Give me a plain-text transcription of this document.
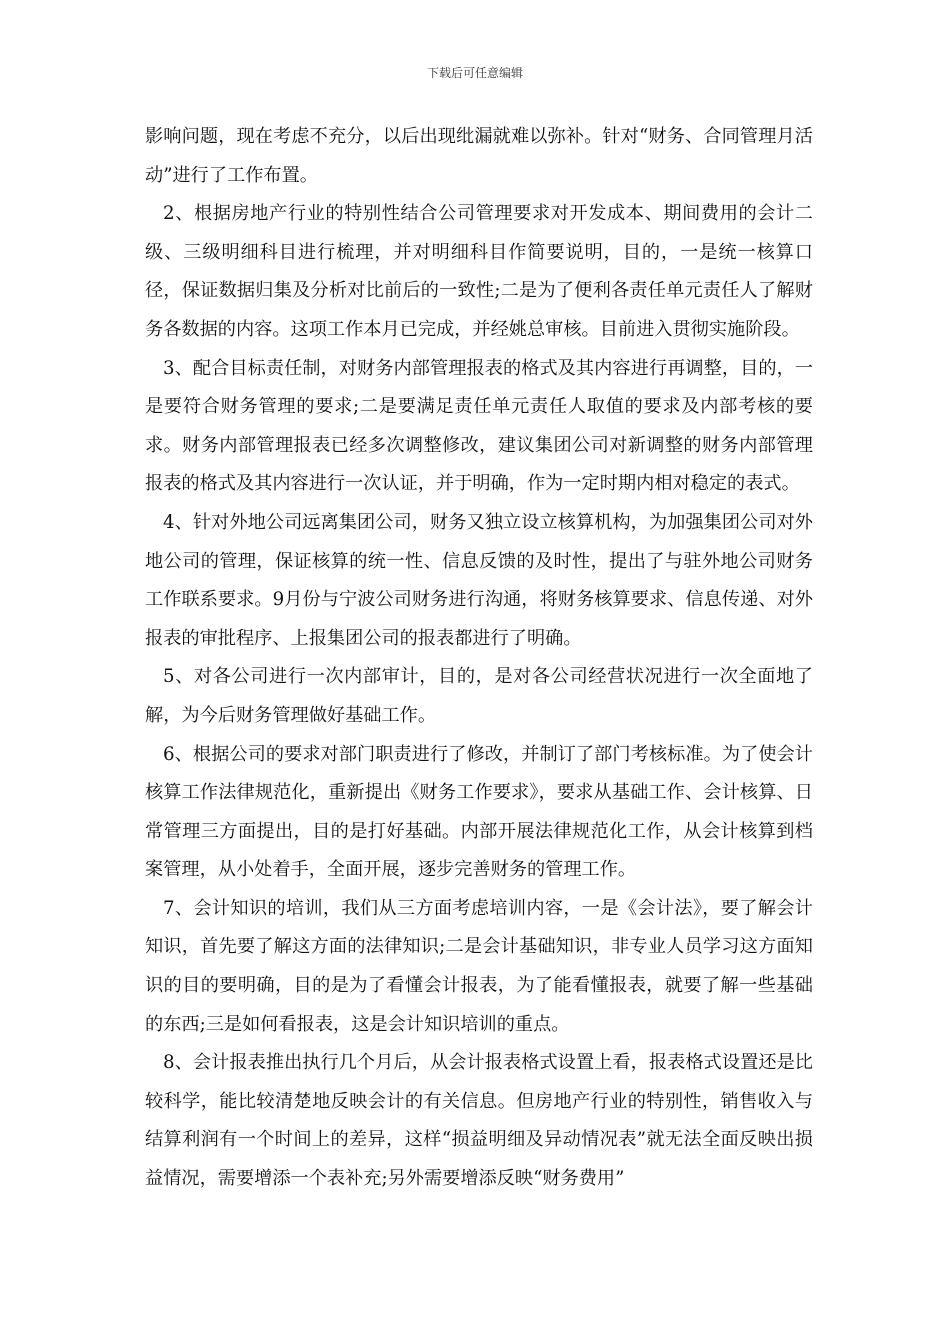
下载后可任意编辑

影响问题，现在考虑不充分，以后出现纰漏就难以弥补。针对“财务、合同管理月活动”进行了工作布置。

2、根据房地产行业的特别性结合公司管理要求对开发成本、期间费用的会计二级、三级明细科目进行梳理，并对明细科目作简要说明，目的，一是统一核算口径，保证数据归集及分析对比前后的一致性;二是为了便利各责任单元责任人了解财务各数据的内容。这项工作本月已完成，并经姚总审核。目前进入贯彻实施阶段。

3、配合目标责任制，对财务内部管理报表的格式及其内容进行再调整，目的，一是要符合财务管理的要求;二是要满足责任单元责任人取值的要求及内部考核的要求。财务内部管理报表已经多次调整修改，建议集团公司对新调整的财务内部管理报表的格式及其内容进行一次认证，并于明确，作为一定时期内相对稳定的表式。

4、针对外地公司远离集团公司，财务又独立设立核算机构，为加强集团公司对外地公司的管理，保证核算的统一性、信息反馈的及时性，提出了与驻外地公司财务工作联系要求。9月份与宁波公司财务进行沟通，将财务核算要求、信息传递、对外报表的审批程序、上报集团公司的报表都进行了明确。

5、对各公司进行一次内部审计，目的，是对各公司经营状况进行一次全面地了解，为今后财务管理做好基础工作。

6、根据公司的要求对部门职责进行了修改，并制订了部门考核标准。为了使会计核算工作法律规范化，重新提出《财务工作要求》，要求从基础工作、会计核算、日常管理三方面提出，目的是打好基础。内部开展法律规范化工作，从会计核算到档案管理，从小处着手，全面开展，逐步完善财务的管理工作。

7、会计知识的培训，我们从三方面考虑培训内容，一是《会计法》，要了解会计知识，首先要了解这方面的法律知识;二是会计基础知识，非专业人员学习这方面知识的目的要明确，目的是为了看懂会计报表，为了能看懂报表，就要了解一些基础的东西;三是如何看报表，这是会计知识培训的重点。

8、会计报表推出执行几个月后，从会计报表格式设置上看，报表格式设置还是比较科学，能比较清楚地反映会计的有关信息。但房地产行业的特别性，销售收入与结算利润有一个时间上的差异，这样“损益明细及异动情况表”就无法全面反映出损益情况，需要增添一个表补充;另外需要增添反映“财务费用”
